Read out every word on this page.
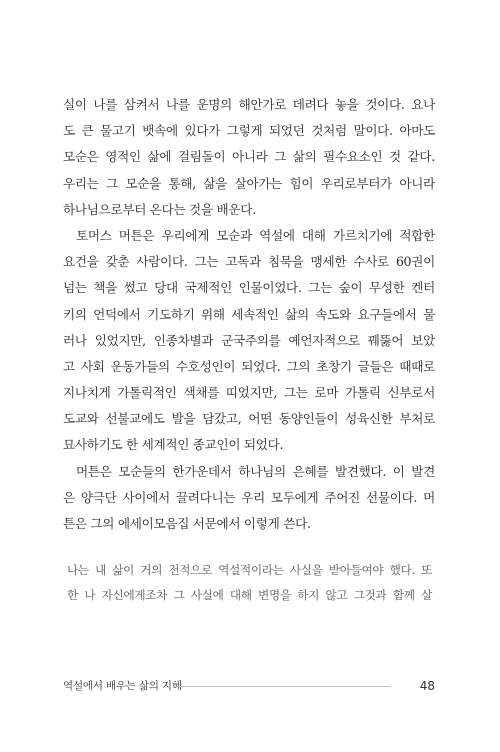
실이 나를 삼켜서 나를 운명의 해안가로 데려다 놓을 것이다. 요나
도 큰 물고기 뱃속에 있다가 그렇게 되었던 것처럼 말이다. 아마도
모순은 영적인 삶에 걸림돌이 아니라 그 삶의 필수요소인 것 같다.
우리는 그 모순을 통해, 삶을 살아가는 힘이 우리로부터가 아니라
하나님으로부터 온다는 것을 배운다.
토머스 머튼은 우리에게 모순과 역설에 대해 가르치기에 적합한
요건을 갖춘 사람이다. 그는 고독과 침묵을 맹세한 수사로 60권이
넘는 책을 썼고 당대 국제적인 인물이었다. 그는 숲이 무성한 켄터
키의 언덕에서 기도하기 위해 세속적인 삶의 속도와 요구들에서 물
러나 있었지만, 인종차별과 군국주의를 예언자적으로 꿰뚫어 보았
고 사회 운동가들의 수호성인이 되었다. 그의 초창기 글들은 때때로
지나치게 가톨릭적인 색채를 띠었지만, 그는 로마 가톨릭 신부로서
도교와 선불교에도 발을 담갔고, 어떤 동양인들이 성육신한 부처로
묘사하기도 한 세계적인 종교인이 되었다.
머튼은 모순들의 한가운데서 하나님의 은혜를 발견했다. 이 발견
은 양극단 사이에서 끌려다니는 우리 모두에게 주어진 선물이다. 머
튼은 그의 에세이모음집 서문에서 이렇게 쓴다.
나는 내 삶이 거의 전적으로 역설적이라는 사실을 받아들여야 했다. 또
한 나 자신에게조차 그 사실에 대해 변명을 하지 않고 그것과 함께 살
역설에서 배우는 삶의 지혜	48
